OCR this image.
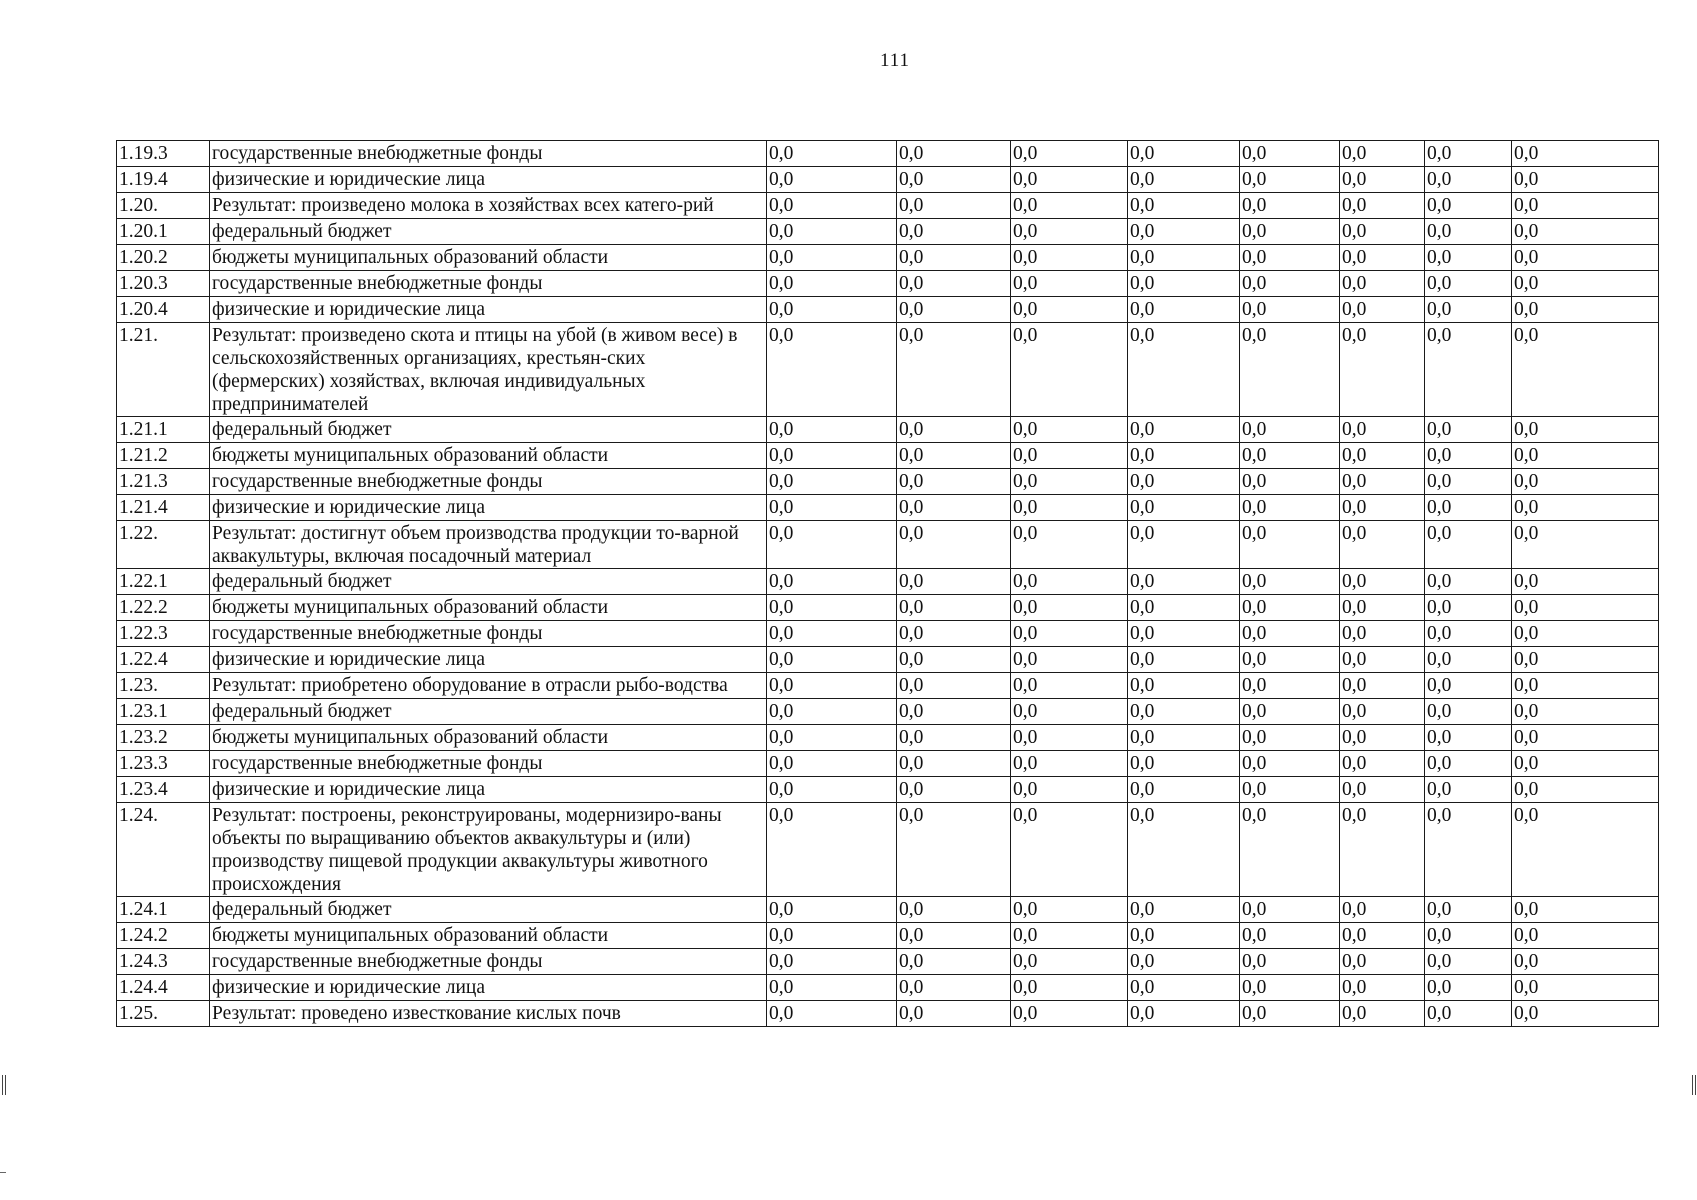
111
1.19.3	государственные внебюджетные фонды	0,0	0,0	0,0	0,0	0,0	0,0	0,0	0,0
1.19.4	физические и юридические лица	0,0	0,0	0,0	0,0	0,0	0,0	0,0	0,0
1.20.	Результат: произведено молока в хозяйствах всех катего-рий	0,0	0,0	0,0	0,0	0,0	0,0	0,0	0,0
1.20.1	федеральный бюджет	0,0	0,0	0,0	0,0	0,0	0,0	0,0	0,0
1.20.2	бюджеты муниципальных образований области	0,0	0,0	0,0	0,0	0,0	0,0	0,0	0,0
1.20.3	государственные внебюджетные фонды	0,0	0,0	0,0	0,0	0,0	0,0	0,0	0,0
1.20.4	физические и юридические лица	0,0	0,0	0,0	0,0	0,0	0,0	0,0	0,0
1.21.	Результат: произведено скота и птицы на убой (в живом весе) в сельскохозяйственных организациях, крестьян-ских (фермерских) хозяйствах, включая индивидуальных предпринимателей	0,0	0,0	0,0	0,0	0,0	0,0	0,0	0,0
1.21.1	федеральный бюджет	0,0	0,0	0,0	0,0	0,0	0,0	0,0	0,0
1.21.2	бюджеты муниципальных образований области	0,0	0,0	0,0	0,0	0,0	0,0	0,0	0,0
1.21.3	государственные внебюджетные фонды	0,0	0,0	0,0	0,0	0,0	0,0	0,0	0,0
1.21.4	физические и юридические лица	0,0	0,0	0,0	0,0	0,0	0,0	0,0	0,0
1.22.	Результат: достигнут объем производства продукции то-варной аквакультуры, включая посадочный материал	0,0	0,0	0,0	0,0	0,0	0,0	0,0	0,0
1.22.1	федеральный бюджет	0,0	0,0	0,0	0,0	0,0	0,0	0,0	0,0
1.22.2	бюджеты муниципальных образований области	0,0	0,0	0,0	0,0	0,0	0,0	0,0	0,0
1.22.3	государственные внебюджетные фонды	0,0	0,0	0,0	0,0	0,0	0,0	0,0	0,0
1.22.4	физические и юридические лица	0,0	0,0	0,0	0,0	0,0	0,0	0,0	0,0
1.23.	Результат: приобретено оборудование в отрасли рыбо-водства	0,0	0,0	0,0	0,0	0,0	0,0	0,0	0,0
1.23.1	федеральный бюджет	0,0	0,0	0,0	0,0	0,0	0,0	0,0	0,0
1.23.2	бюджеты муниципальных образований области	0,0	0,0	0,0	0,0	0,0	0,0	0,0	0,0
1.23.3	государственные внебюджетные фонды	0,0	0,0	0,0	0,0	0,0	0,0	0,0	0,0
1.23.4	физические и юридические лица	0,0	0,0	0,0	0,0	0,0	0,0	0,0	0,0
1.24.	Результат: построены, реконструированы, модернизиро-ваны объекты по выращиванию объектов аквакультуры и (или) производству пищевой продукции аквакультуры животного происхождения	0,0	0,0	0,0	0,0	0,0	0,0	0,0	0,0
1.24.1	федеральный бюджет	0,0	0,0	0,0	0,0	0,0	0,0	0,0	0,0
1.24.2	бюджеты муниципальных образований области	0,0	0,0	0,0	0,0	0,0	0,0	0,0	0,0
1.24.3	государственные внебюджетные фонды	0,0	0,0	0,0	0,0	0,0	0,0	0,0	0,0
1.24.4	физические и юридические лица	0,0	0,0	0,0	0,0	0,0	0,0	0,0	0,0
1.25.	Результат: проведено известкование кислых почв	0,0	0,0	0,0	0,0	0,0	0,0	0,0	0,0
